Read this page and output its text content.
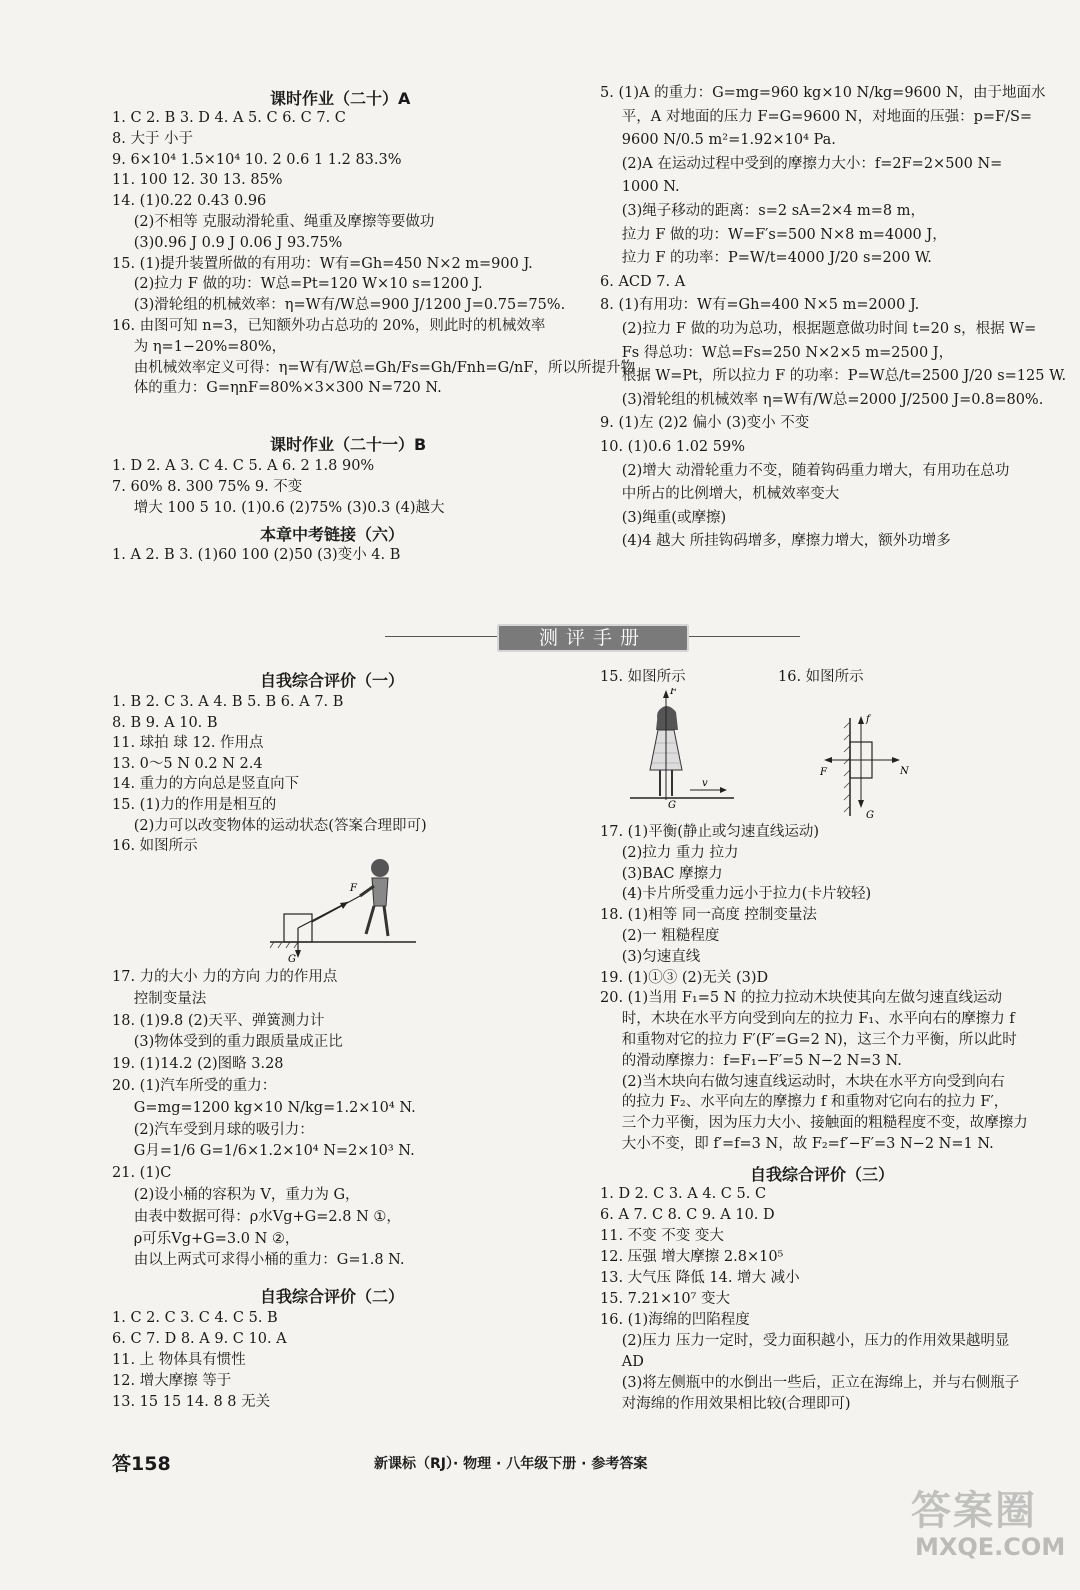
课时作业（二十）A
1. C 2. B 3. D 4. A 5. C 6. C 7. C
8. 大于 小于
9. 6×10⁴ 1.5×10⁴ 10. 2 0.6 1 1.2 83.3%
11. 100 12. 30 13. 85%
14. (1)0.22 0.43 0.96
　 (2)不相等 克服动滑轮重、绳重及摩擦等要做功
　 (3)0.96 J 0.9 J 0.06 J 93.75%
15. (1)提升装置所做的有用功：W有=Gh=450 N×2 m=900 J.
　 (2)拉力 F 做的功：W总=Pt=120 W×10 s=1200 J.
　 (3)滑轮组的机械效率：η=W有/W总=900 J/1200 J=0.75=75%.
16. 由图可知 n=3，已知额外功占总功的 20%，则此时的机械效率
　 为 η=1−20%=80%，
　 由机械效率定义可得：η=W有/W总=Gh/Fs=Gh/Fnh=G/nF，所以所提升物
　 体的重力：G=ηnF=80%×3×300 N=720 N.
课时作业（二十一）B
1. D 2. A 3. C 4. C 5. A 6. 2 1.8 90%
7. 60% 8. 300 75% 9. 不变
　 增大 100 5 10. (1)0.6 (2)75% (3)0.3 (4)越大
本章中考链接（六）
1. A 2. B 3. (1)60 100 (2)50 (3)变小 4. B
自我综合评价（一）
1. B 2. C 3. A 4. B 5. B 6. A 7. B
8. B 9. A 10. B
11. 球拍 球 12. 作用点
13. 0～5 N 0.2 N 2.4
14. 重力的方向总是竖直向下
15. (1)力的作用是相互的
　 (2)力可以改变物体的运动状态(答案合理即可)
16. 如图所示
17. 力的大小 力的方向 力的作用点
　 控制变量法
18. (1)9.8 (2)天平、弹簧测力计
　 (3)物体受到的重力跟质量成正比
19. (1)14.2 (2)图略 3.28
20. (1)汽车所受的重力：
　 G=mg=1200 kg×10 N/kg=1.2×10⁴ N.
　 (2)汽车受到月球的吸引力：
　 G月=1/6 G=1/6×1.2×10⁴ N=2×10³ N.
21. (1)C
　 (2)设小桶的容积为 V，重力为 G，
　 由表中数据可得：ρ水Vg+G=2.8 N ①，
　 ρ可乐Vg+G=3.0 N ②，
　 由以上两式可求得小桶的重力：G=1.8 N.
自我综合评价（二）
1. C 2. C 3. C 4. C 5. B
6. C 7. D 8. A 9. C 10. A
11. 上 物体具有惯性
12. 增大摩擦 等于
13. 15 15 14. 8 8 无关
F
G
测评手册
5. (1)A 的重力：G=mg=960 kg×10 N/kg=9600 N，由于地面水
　 平，A 对地面的压力 F=G=9600 N，对地面的压强：p=F/S=
　 9600 N/0.5 m²=1.92×10⁴ Pa.
　 (2)A 在运动过程中受到的摩擦力大小：f=2F=2×500 N=
　 1000 N.
　 (3)绳子移动的距离：s=2 sA=2×4 m=8 m，
　 拉力 F 做的功：W=F′s=500 N×8 m=4000 J，
　 拉力 F 的功率：P=W/t=4000 J/20 s=200 W.
6. ACD 7. A
8. (1)有用功：W有=Gh=400 N×5 m=2000 J.
　 (2)拉力 F 做的功为总功，根据题意做功时间 t=20 s，根据 W=
　 Fs 得总功：W总=Fs=250 N×2×5 m=2500 J，
　 根据 W=Pt，所以拉力 F 的功率：P=W总/t=2500 J/20 s=125 W.
　 (3)滑轮组的机械效率 η=W有/W总=2000 J/2500 J=0.8=80%.
9. (1)左 (2)2 偏小 (3)变小 不变
10. (1)0.6 1.02 59%
　 (2)增大 动滑轮重力不变，随着钩码重力增大，有用功在总功
　 中所占的比例增大，机械效率变大
　 (3)绳重(或摩擦)
　 (4)4 越大 所挂钩码增多，摩擦力增大，额外功增多
15. 如图所示	16. 如图所示
17. (1)平衡(静止或匀速直线运动)
　 (2)拉力 重力 拉力
　 (3)BAC 摩擦力
　 (4)卡片所受重力远小于拉力(卡片较轻)
18. (1)相等 同一高度 控制变量法
　 (2)一 粗糙程度
　 (3)匀速直线
19. (1)①③ (2)无关 (3)D
20. (1)当用 F₁=5 N 的拉力拉动木块使其向左做匀速直线运动
　 时，木块在水平方向受到向左的拉力 F₁、水平向右的摩擦力 f
　 和重物对它的拉力 F′(F′=G=2 N)，这三个力平衡，所以此时
　 的滑动摩擦力：f=F₁−F′=5 N−2 N=3 N.
　 (2)当木块向右做匀速直线运动时，木块在水平方向受到向右
　 的拉力 F₂、水平向左的摩擦力 f 和重物对它向右的拉力 F′，
　 三个力平衡，因为压力大小、接触面的粗糙程度不变，故摩擦力
　 大小不变，即 f′=f=3 N，故 F₂=f′−F′=3 N−2 N=1 N.
自我综合评价（三）
1. D 2. C 3. A 4. C 5. C
6. A 7. C 8. C 9. A 10. D
11. 不变 不变 变大
12. 压强 增大摩擦 2.8×10⁵
13. 大气压 降低 14. 增大 减小
15. 7.21×10⁷ 变大
16. (1)海绵的凹陷程度
　 (2)压力 压力一定时，受力面积越小，压力的作用效果越明显
　 AD
　 (3)将左侧瓶中的水倒出一些后，正立在海绵上，并与右侧瓶子
　 对海绵的作用效果相比较(合理即可)
F
v
G
f
F	N
G
答158	新课标（RJ）· 物理 · 八年级下册 · 参考答案
答案圈
MXQE.COM
